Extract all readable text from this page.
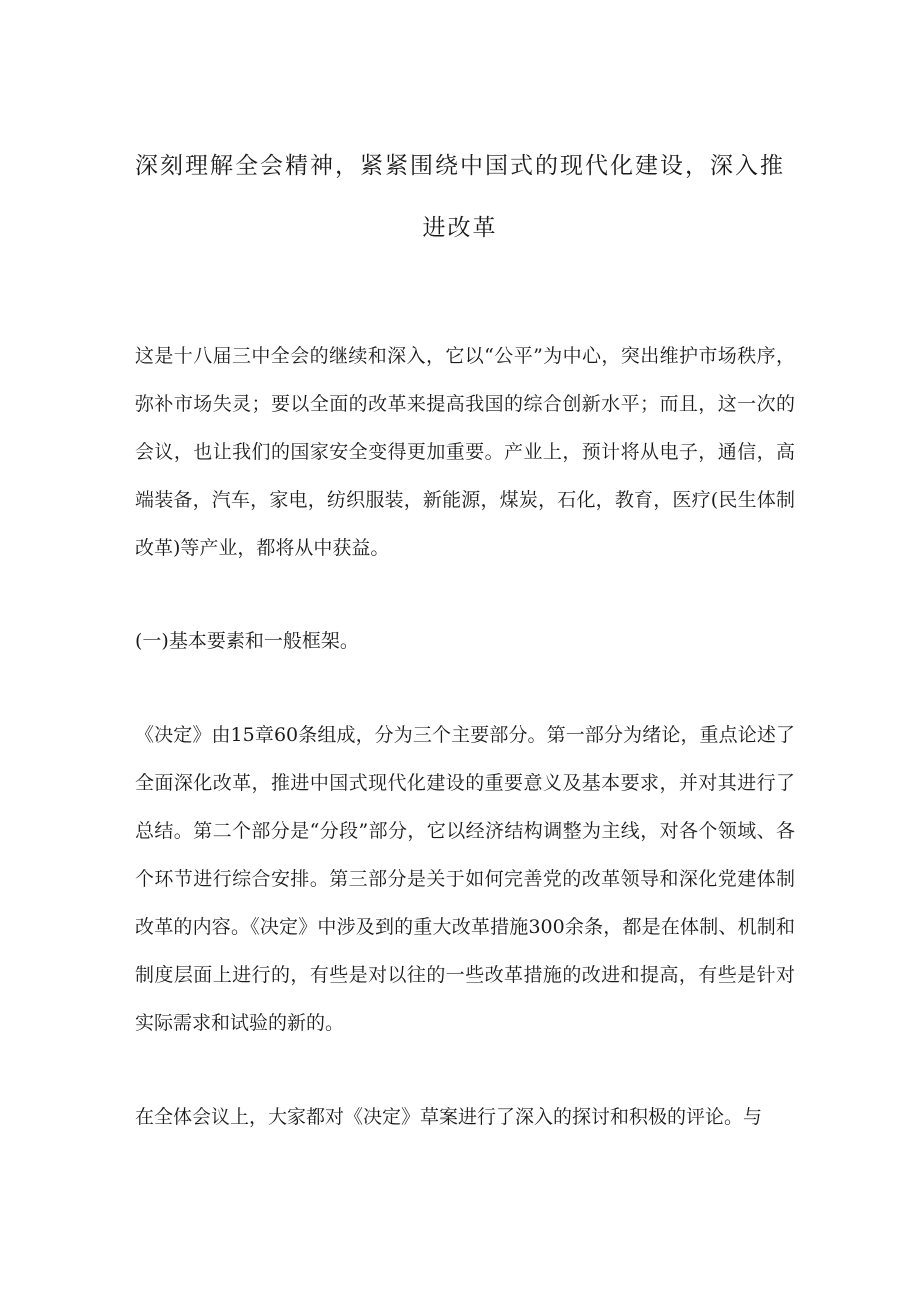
深刻理解全会精神，紧紧围绕中国式的现代化建设，深入推
进改革

这是十八届三中全会的继续和深入，它以“公平”为中心，突出维护市场秩序，弥补市场失灵；要以全面的改革来提高我国的综合创新水平；而且，这一次的会议，也让我们的国家安全变得更加重要。产业上，预计将从电子，通信，高端装备，汽车，家电，纺织服装，新能源，煤炭，石化，教育，医疗(民生体制改革)等产业，都将从中获益。

(一)基本要素和一般框架。

《决定》由15章60条组成，分为三个主要部分。第一部分为绪论，重点论述了全面深化改革，推进中国式现代化建设的重要意义及基本要求，并对其进行了总结。第二个部分是“分段”部分，它以经济结构调整为主线，对各个领域、各个环节进行综合安排。第三部分是关于如何完善党的改革领导和深化党建体制改革的内容。《决定》中涉及到的重大改革措施300余条，都是在体制、机制和制度层面上进行的，有些是对以往的一些改革措施的改进和提高，有些是针对实际需求和试验的新的。

在全体会议上，大家都对《决定》草案进行了深入的探讨和积极的评论。与
